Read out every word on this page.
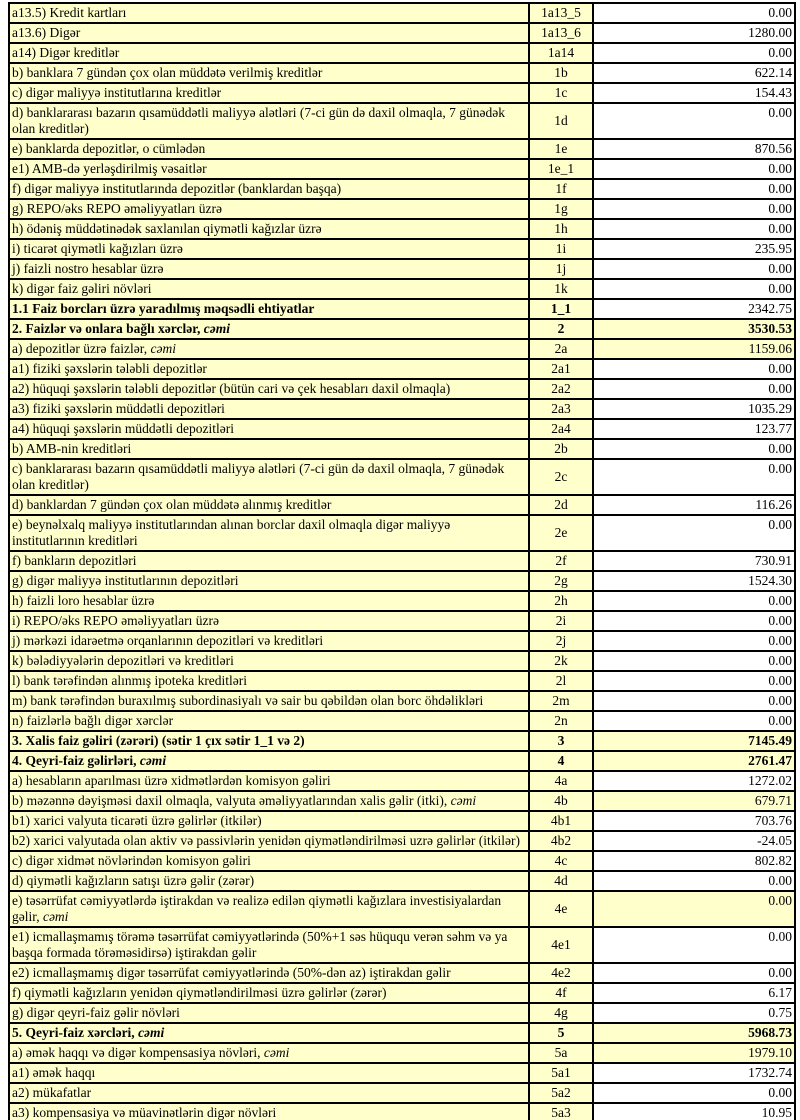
a13.5) Kredit kartları	1a13_5	0.00
a13.6) Digər	1a13_6	1280.00
a14) Digər kreditlər	1a14	0.00
b) banklara 7 gündən çox olan müddətə verilmiş kreditlər	1b	622.14
c) digər maliyyə institutlarına kreditlər	1c	154.43
d) banklararası bazarın qısamüddətli maliyyə alətləri (7-ci gün də daxil olmaqla, 7 günədək olan kreditlər)	1d	0.00
e) banklarda depozitlər, o cümlədən	1e	870.56
e1) AMB-də yerləşdirilmiş vəsaitlər	1e_1	0.00
f) digər maliyyə institutlarında depozitlər (banklardan başqa)	1f	0.00
g) REPO/əks REPO əməliyyatları üzrə	1g	0.00
h) ödəniş müddətinədək saxlanılan qiymətli kağızlar üzrə	1h	0.00
i) ticarət qiymətli kağızları üzrə	1i	235.95
j) faizli nostro hesablar üzrə	1j	0.00
k) digər faiz gəliri növləri	1k	0.00
1.1 Faiz borcları üzrə yaradılmış məqsədli ehtiyatlar	1_1	2342.75
2. Faizlər və onlara bağlı xərclər, cəmi	2	3530.53
a) depozitlər üzrə faizlər, cəmi	2a	1159.06
a1) fiziki şəxslərin tələbli depozitlər	2a1	0.00
a2) hüquqi şəxslərin tələbli depozitlər (bütün cari və çek hesabları daxil olmaqla)	2a2	0.00
a3) fiziki şəxslərin müddətli depozitləri	2a3	1035.29
a4) hüquqi şəxslərin müddətli depozitləri	2a4	123.77
b) AMB-nin kreditləri	2b	0.00
c) banklararası bazarın qısamüddətli maliyyə alətləri (7-ci gün də daxil olmaqla, 7 günədək olan kreditlər)	2c	0.00
d) banklardan 7 gündən çox olan müddətə alınmış kreditlər	2d	116.26
e) beynəlxalq maliyyə institutlarından alınan borclar daxil olmaqla digər maliyyə institutlarının kreditləri	2e	0.00
f) bankların depozitləri	2f	730.91
g) digər maliyyə institutlarının depozitləri	2g	1524.30
h) faizli loro hesablar üzrə	2h	0.00
i) REPO/əks REPO əməliyyatları üzrə	2i	0.00
j) mərkəzi idarəetmə orqanlarının depozitləri və kreditləri	2j	0.00
k) bələdiyyələrin depozitləri və kreditləri	2k	0.00
l) bank tərəfindən alınmış ipoteka kreditləri	2l	0.00
m) bank tərəfindən buraxılmış subordinasiyalı və sair bu qəbildən olan borc öhdəlikləri	2m	0.00
n) faizlərlə bağlı digər xərclər	2n	0.00
3. Xalis faiz gəliri (zərəri) (sətir 1 çıx sətir 1_1 və 2)	3	7145.49
4. Qeyri-faiz gəlirləri, cəmi	4	2761.47
a) hesabların aparılması üzrə xidmətlərdən komisyon gəliri	4a	1272.02
b) məzənnə dəyişməsi daxil olmaqla, valyuta əməliyyatlarından xalis gəlir (itki), cəmi	4b	679.71
b1) xarici valyuta ticarəti üzrə gəlirlər (itkilər)	4b1	703.76
b2) xarici valyutada olan aktiv və passivlərin yenidən qiymətləndirilməsi uzrə gəlirlər (itkilər)	4b2	-24.05
c) digər xidmət növlərindən komisyon gəliri	4c	802.82
d) qiymətli kağızların satışı üzrə gəlir (zərər)	4d	0.00
e) təsərrüfat cəmiyyətlərdə iştirakdan və realizə edilən qiymətli kağızlara investisiyalardan gəlir, cəmi	4e	0.00
e1) icmallaşmamış törəmə təsərrüfat cəmiyyətlərində (50%+1 səs hüququ verən səhm və ya başqa formada törəməsidirsə) iştirakdan gəlir	4e1	0.00
e2) icmallaşmamış digər təsərrüfat cəmiyyətlərində (50%-dən az) iştirakdan gəlir	4e2	0.00
f) qiymətli kağızların yenidən qiymətləndirilməsi üzrə gəlirlər (zərər)	4f	6.17
g) digər qeyri-faiz gəlir növləri	4g	0.75
5. Qeyri-faiz xərcləri, cəmi	5	5968.73
a) əmək haqqı və digər kompensasiya növləri, cəmi	5a	1979.10
a1) əmək haqqı	5a1	1732.74
a2) mükafatlar	5a2	0.00
a3) kompensasiya və müavinətlərin digər növləri	5a3	10.95
